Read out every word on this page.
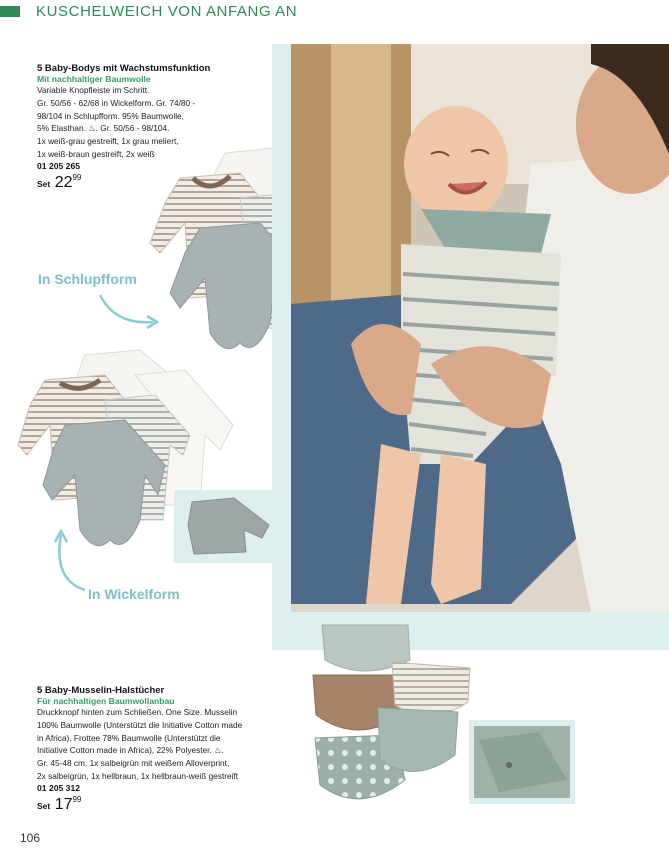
KUSCHELWEICH VON ANFANG AN
5 Baby-Bodys mit Wachstumsfunktion
Mit nachhaltiger Baumwolle
Variable Knopfleiste im Schritt.
Gr. 50/56 - 62/68 in Wickelform. Gr. 74/80 -
98/104 in Schlupfform. 95% Baumwolle,
5% Elasthan. ♨. Gr. 50/56 - 98/104.
1x weiß-grau gestreift, 1x grau meliert,
1x weiß-braun gestreift, 2x weiß
01 205 265
Set $22^{99}$
In Schlupfform
In Wickelform
5 Baby-Musselin-Halstücher
Für nachhaltigen Baumwollanbau
Druckknopf hinten zum Schließen. One Size. Musselin
100% Baumwolle (Unterstützt die Initiative Cotton made
in Africa). Frottee 78% Baumwolle (Unterstützt die
Initiative Cotton made in Africa), 22% Polyester. ♨.
Gr. 45-48 cm. 1x salbeigrün mit weißem Alloverprint,
2x salbeigrün, 1x hellbraun, 1x hellbraun-weiß gestreift
01 205 312
Set $17^{99}$
106
